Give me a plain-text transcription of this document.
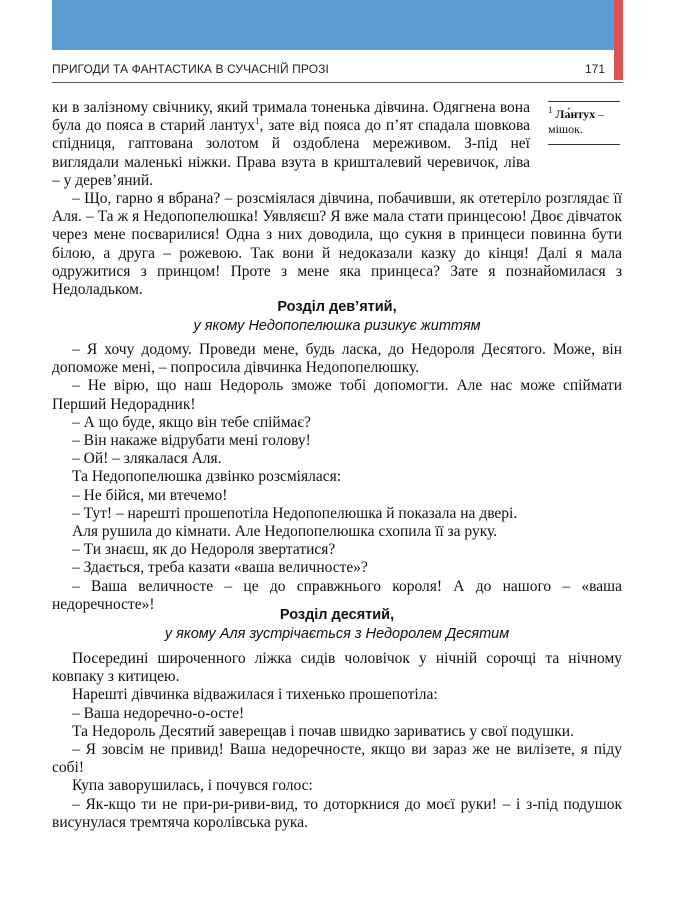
ПРИГОДИ ТА ФАНТАСТИКА В СУЧАСНІЙ ПРОЗІ	171

ки в залізному свічнику, який тримала тоненька дівчина. Одягнена вона була до пояса в старий лантух$^1$, зате від пояса до п’ят спадала шовкова спідниця, гаптована золотом й оздоблена мереживом. З-під неї виглядали маленькі ніжки. Права взута в кришталевий черевичок, ліва – у дерев’яний.

– Що, гарно я вбрана? – розсміялася дівчина, побачивши, як отетеріло розглядає її Аля. – Та ж я Недопопелюшка! Уявляєш? Я вже мала стати принцесою! Двоє дівчаток через мене посварилися! Одна з них доводила, що сукня в принцеси повинна бути білою, а друга – рожевою. Так вони й недоказали казку до кінця! Далі я мала одружитися з принцом! Проте з мене яка принцеса? Зате я познайомилася з Недоладьком.

$^1$ Ла́нтух – мішок.
Розділ дев’ятий,
у якому Недопопелюшка ризикує життям

– Я хочу додому. Проведи мене, будь ласка, до Недороля Десятого. Може, він допоможе мені, – попросила дівчинка Недопопелюшку.

– Не вірю, що наш Недороль зможе тобі допомогти. Але нас може спіймати Перший Недорадник!

– А що буде, якщо він тебе спіймає?

– Він накаже відрубати мені голову!

– Ой! – злякалася Аля.

Та Недопопелюшка дзвінко розсміялася:

– Не бійся, ми втечемо!

– Тут! – нарешті прошепотіла Недопопелюшка й показала на двері.

Аля рушила до кімнати. Але Недопопелюшка схопила її за руку.

– Ти знаєш, як до Недороля звертатися?

– Здається, треба казати «ваша величносте»?

– Ваша величносте – це до справжнього короля! А до нашого – «ваша недоречносте»!

Розділ десятий,
у якому Аля зустрічається з Недоролем Десятим

Посередині широченного ліжка сидів чоловічок у нічній сорочці та нічному ковпаку з китицею.

Нарешті дівчинка відважилася і тихенько прошепотіла:

– Ваша недоречно-о-осте!

Та Недороль Десятий заверещав і почав швидко зариватись у свої подушки.

– Я зовсім не привид! Ваша недоречносте, якщо ви зараз же не вилізете, я піду собі!

Купа заворушилась, і почувся голос:

– Як-кщо ти не при-ри-риви-вид, то доторкнися до моєї руки! – і з-під подушок висунулася тремтяча королівська рука.
